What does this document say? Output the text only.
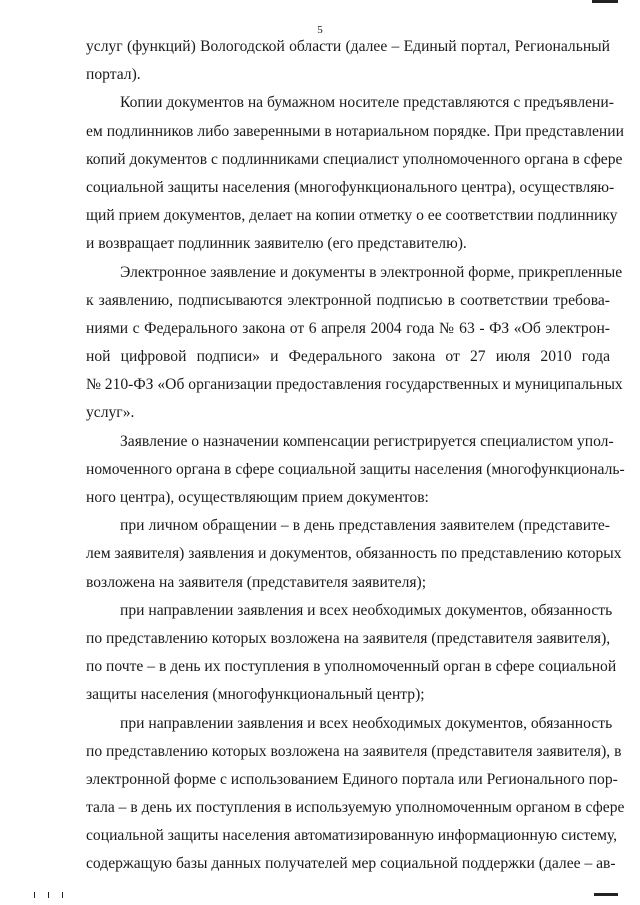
5
услуг (функций) Вологодской области (далее – Единый портал, Региональный
портал).
Копии документов на бумажном носителе представляются с предъявлени-
ем подлинников либо заверенными в нотариальном порядке. При представлении
копий документов с подлинниками специалист уполномоченного органа в сфере
социальной защиты населения (многофункционального центра), осуществляю-
щий прием документов, делает на копии отметку о ее соответствии подлиннику
и возвращает подлинник заявителю (его представителю).
Электронное заявление и документы в электронной форме, прикрепленные
к заявлению, подписываются электронной подписью в соответствии требова-
ниями с Федерального закона от 6 апреля 2004 года № 63 - ФЗ «Об электрон-
ной цифровой подписи» и Федерального закона от 27 июля 2010 года
№ 210-ФЗ «Об организации предоставления государственных и муниципальных
услуг».
Заявление о назначении компенсации регистрируется специалистом упол-
номоченного органа в сфере социальной защиты населения (многофункциональ-
ного центра), осуществляющим прием документов:
при личном обращении – в день представления заявителем (представите-
лем заявителя) заявления и документов, обязанность по представлению которых
возложена на заявителя (представителя заявителя);
при направлении заявления и всех необходимых документов, обязанность
по представлению которых возложена на заявителя (представителя заявителя),
по почте – в день их поступления в уполномоченный орган в сфере социальной
защиты населения (многофункциональный центр);
при направлении заявления и всех необходимых документов, обязанность
по представлению которых возложена на заявителя (представителя заявителя), в
электронной форме с использованием Единого портала или Регионального пор-
тала – в день их поступления в используемую уполномоченным органом в сфере
социальной защиты населения автоматизированную информационную систему,
содержащую базы данных получателей мер социальной поддержки (далее – ав-
